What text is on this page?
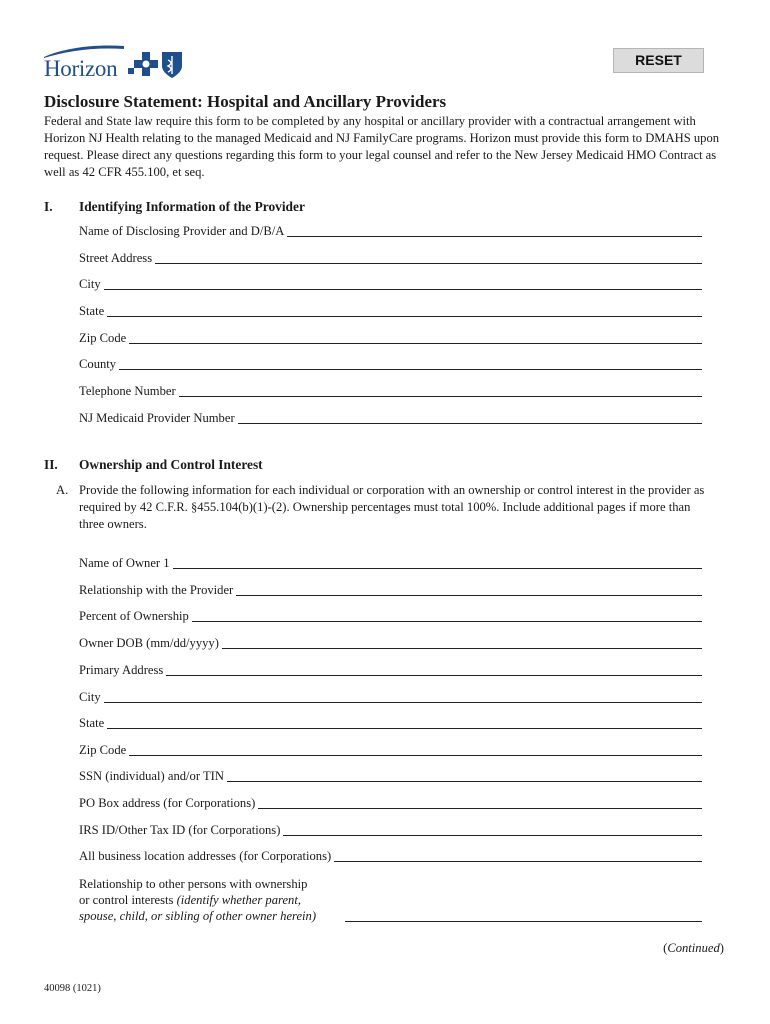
Horizon	RESET
Disclosure Statement: Hospital and Ancillary Providers
Federal and State law require this form to be completed by any hospital or ancillary provider with a contractual arrangement with Horizon NJ Health relating to the managed Medicaid and NJ FamilyCare programs. Horizon must provide this form to DMAHS upon request. Please direct any questions regarding this form to your legal counsel and refer to the New Jersey Medicaid HMO Contract as well as 42 CFR 455.100, et seq.
I. Identifying Information of the Provider
Name of Disclosing Provider and D/B/A
Street Address
City
State
Zip Code
County
Telephone Number
NJ Medicaid Provider Number
II. Ownership and Control Interest
A. Provide the following information for each individual or corporation with an ownership or control interest in the provider as required by 42 C.F.R. §455.104(b)(1)-(2). Ownership percentages must total 100%. Include additional pages if more than three owners.
Name of Owner 1
Relationship with the Provider
Percent of Ownership
Owner DOB (mm/dd/yyyy)
Primary Address
City
State
Zip Code
SSN (individual) and/or TIN
PO Box address (for Corporations)
IRS ID/Other Tax ID (for Corporations)
All business location addresses (for Corporations)
Relationship to other persons with ownership
or control interests (identify whether parent,
spouse, child, or sibling of other owner herein)
(Continued)
40098 (1021)
